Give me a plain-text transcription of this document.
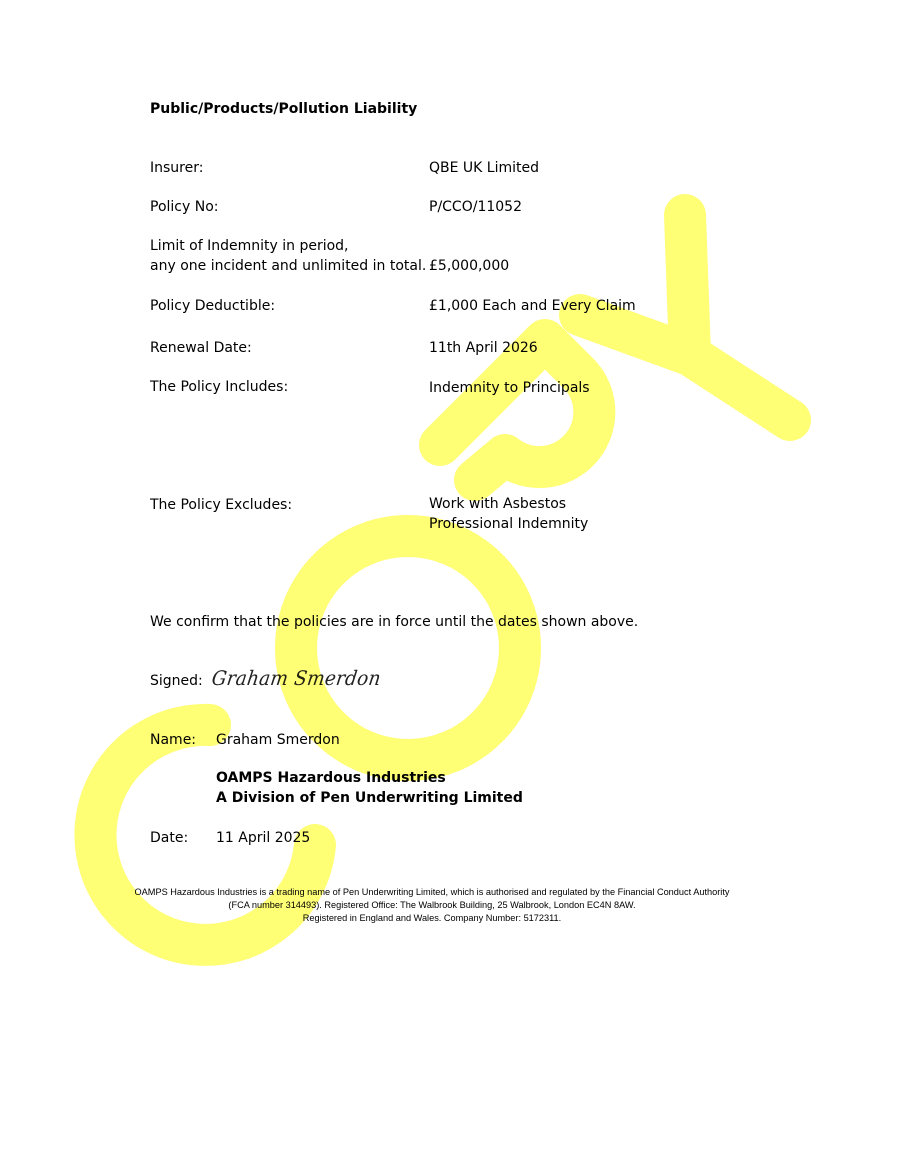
Public/Products/Pollution Liability
Insurer:	QBE UK Limited
Policy No:	P/CCO/11052
Limit of Indemnity in period,
any one incident and unlimited in total. £5,000,000
Policy Deductible:	£1,000 Each and Every Claim
Renewal Date:	11th April 2026
The Policy Includes:	Indemnity to Principals
The Policy Excludes:	Work with Asbestos
Professional Indemnity
We confirm that the policies are in force until the dates shown above.
Signed: Graham Smerdon
Name: Graham Smerdon
OAMPS Hazardous Industries
A Division of Pen Underwriting Limited
Date: 11 April 2025
OAMPS Hazardous Industries is a trading name of Pen Underwriting Limited, which is authorised and regulated by the Financial Conduct Authority
(FCA number 314493). Registered Office: The Walbrook Building, 25 Walbrook, London EC4N 8AW.
Registered in England and Wales. Company Number: 5172311.
